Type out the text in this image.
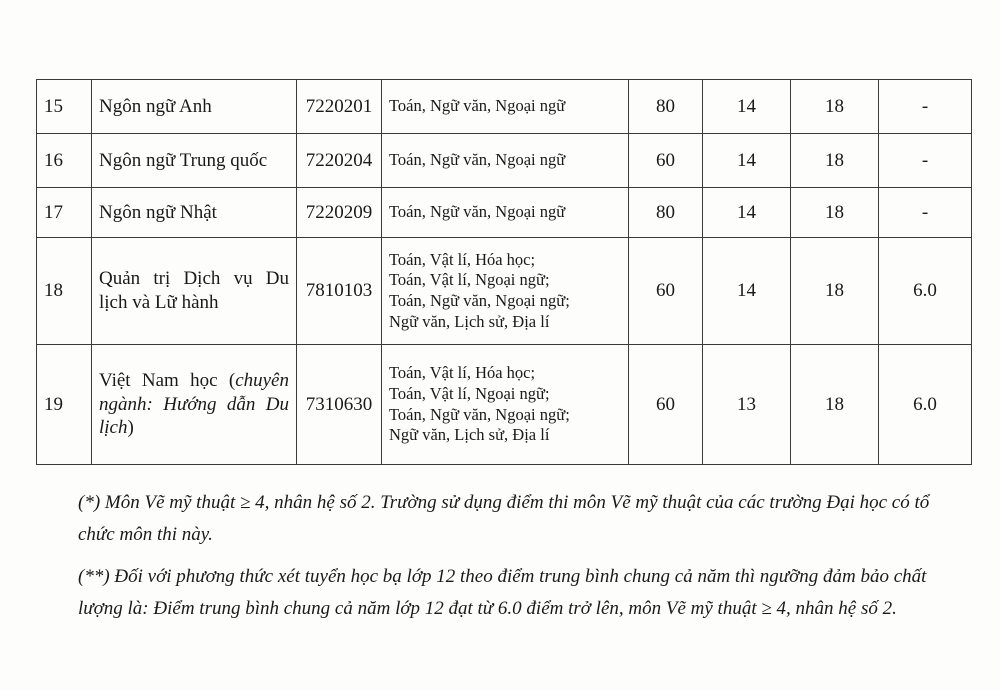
15	Ngôn ngữ Anh	7220201	Toán, Ngữ văn, Ngoại ngữ	80	14	18	-
16	Ngôn ngữ Trung quốc	7220204	Toán, Ngữ văn, Ngoại ngữ	60	14	18	-
17	Ngôn ngữ Nhật	7220209	Toán, Ngữ văn, Ngoại ngữ	80	14	18	-
18	Quản trị Dịch vụ Du
lịch và Lữ hành	7810103	Toán, Vật lí, Hóa học;
Toán, Vật lí, Ngoại ngữ;
Toán, Ngữ văn, Ngoại ngữ;
Ngữ văn, Lịch sử, Địa lí	60	14	18	6.0
19	Việt Nam học (chuyên
ngành: Hướng dẫn Du
lịch)	7310630	Toán, Vật lí, Hóa học;
Toán, Vật lí, Ngoại ngữ;
Toán, Ngữ văn, Ngoại ngữ;
Ngữ văn, Lịch sử, Địa lí	60	13	18	6.0

(*) Môn Vẽ mỹ thuật ≥ 4, nhân hệ số 2. Trường sử dụng điểm thi môn Vẽ mỹ thuật của các trường Đại học có tổ chức môn thi này.

(**) Đối với phương thức xét tuyển học bạ lớp 12 theo điểm trung bình chung cả năm thì ngưỡng đảm bảo chất lượng là: Điểm trung bình chung cả năm lớp 12 đạt từ 6.0 điểm trở lên, môn Vẽ mỹ thuật ≥ 4, nhân hệ số 2.
